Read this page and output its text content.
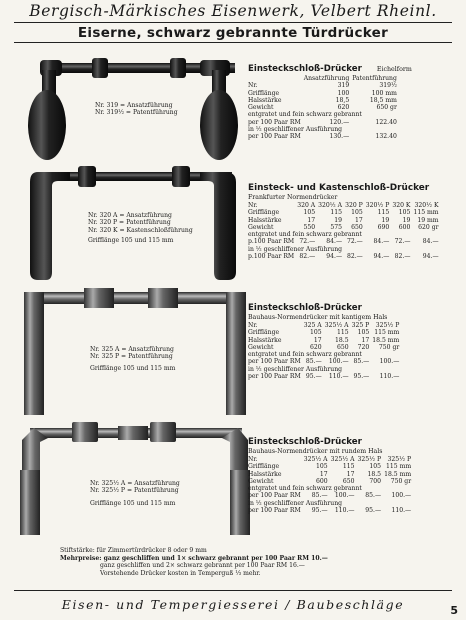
Bergisch-Märkisches Eisenwerk, Velbert Rheinl.
Eiserne, schwarz gebrannte Türdrücker
Nr. 319 = Ansatzführung
Nr. 319½ = Patentführung
Nr. 320 A = Ansatzführung
Nr. 320 P = Patentführung
Nr. 320 K = Kastenschloßführung
Grifflänge 105 und 115 mm
Nr. 325 A = Ansatzführung
Nr. 325 P = Patentführung
Grifflänge 105 und 115 mm
Nr. 325½ A = Ansatzführung
Nr. 325½ P = Patentführung
Grifflänge 105 und 115 mm
Einsteckschloß-Drücker Eichelform
	Ansatzführung	Patentführung
Nr.	319	319½
Grifflänge	100	100 mm
Halsstärke	18,5	18,5 mm
Gewicht	620	650 gr
entgratet und fein schwarz gebrannt		
per 100 Paar RM	120.—	122.40
in ½ geschliffener Ausführung		
per 100 Paar RM	130.—	132.40
Einsteck- und Kastenschloß-Drücker
Frankfurter Normendrücker
Nr.	320 A	320½ A	320 P	320½ P	320 K	320½ K
Grifflänge	105	115	105	115	105	115 mm
Halsstärke	17	19	17	19	19	19 mm
Gewicht	550	575	650	690	600	620 gr
entgratet und fein schwarz gebrannt						
p.100 Paar RM	72.—	84.—	72.—	84.—	72.—	84.—
in ½ geschliffener Ausführung						
p.100 Paar RM	82.—	94.—	82.—	94.—	82.—	94.—
Einsteckschloß-Drücker
Bauhaus-Normendrücker mit kantigem Hals
Nr.	325 A	325½ A	325 P	325½ P
Grifflänge	105	115	105	115 mm
Halsstärke	17	18.5	17	18.5 mm
Gewicht	620	650	720	750 gr
entgratet und fein schwarz gebrannt				
per 100 Paar RM	85.—	100.—	85.—	100.—
in ½ geschliffener Ausführung				
per 100 Paar RM	95.—	110.—	95.—	110.—
Einsteckschloß-Drücker
Bauhaus-Normendrücker mit rundem Hals
Nr.	325½ A	325½ A	325½ P	325½ P
Grifflänge	105	115	105	115 mm
Halsstärke	17	17	18.5	18.5 mm
Gewicht	600	650	700	750 gr
entgratet und fein schwarz gebrannt				
per 100 Paar RM	85.—	100.—	85.—	100.—
in ½ geschliffener Ausführung				
per 100 Paar RM	95.—	110.—	95.—	110.—
Stiftstärke: für Zimmertürdrücker 8 oder 9 mm
Mehrpreise: ganz geschliffen und 1× schwarz gebrannt per 100 Paar RM 10.—
ganz geschliffen und 2× schwarz gebrannt per 100 Paar RM 16.—
Vorstehende Drücker kosten in Temperguß ⅓ mehr.
Eisen- und Tempergiesserei / Baubeschläge	5
